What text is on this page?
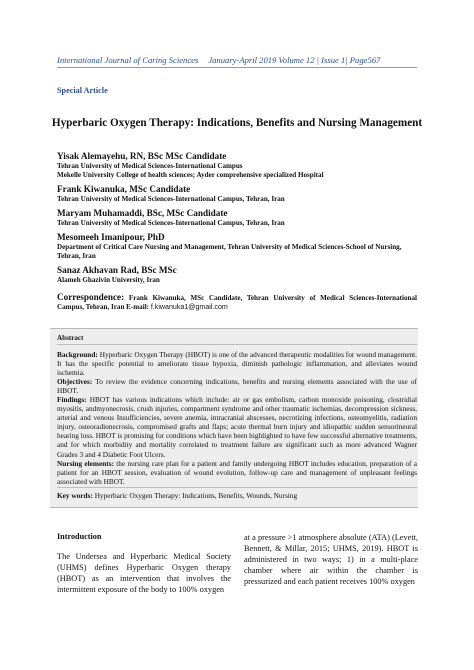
International Journal of Caring Sciences January-April 2019 Volume 12 | Issue 1| Page567
Special Article
Hyperbaric Oxygen Therapy: Indications, Benefits and Nursing Management
Yisak Alemayehu, RN, BSc MSc Candidate
Tehran University of Medical Sciences-International Campus
Mekelle University College of health sciences; Ayder comprehensive specialized Hospital
Frank Kiwanuka, MSc Candidate
Tehran University of Medical Sciences-International Campus, Tehran, Iran
Maryam Muhamaddi, BSc, MSc Candidate
Tehran University of Medical Sciences-International Campus, Tehran, Iran
Mesomeeh Imanipour, PhD
Department of Critical Care Nursing and Management, Tehran University of Medical Sciences-School of Nursing, Tehran, Iran
Sanaz Akhavan Rad, BSc MSc
Alameh Ghazivin University, Iran
Correspondence: Frank Kiwanuka, MSc Candidate, Tehran University of Medical Sciences-International Campus, Tehran, Iran E-mail: f.kiwanuka1@gmail.com
Abstract

Background: Hyperbaric Oxygen Therapy (HBOT) is one of the advanced therapeutic modalities for wound management. It has the specific potential to ameliorate tissue hypoxia, diminish pathologic inflammation, and alleviates wound ischemia.

Objectives: To review the evidence concerning indications, benefits and nursing elements associated with the use of HBOT.

Findings: HBOT has various indications which include: air or gas embolism, carbon monoxide poisoning, clostridial myositis, andmyonecrosis, crush injuries, compartment syndrome and other traumatic ischemias, decompression sickness, arterial and venous Insufficiencies, severe anemia, intracranial abscesses, necrotizing infections, osteomyelitis, radiation injury, osteoradionecrosis, compromised grafts and flaps; acute thermal burn injury and idiopathic sudden sensorineural hearing loss. HBOT is promising for conditions which have been highlighted to have few successful alternative treatments, and for which morbidity and mortality correlated to treatment failure are significant such as more advanced Wagner Grades 3 and 4 Diabetic Foot Ulcers.

Nursing elements: the nursing care plan for a patient and family undergoing HBOT includes education, preparation of a patient for an HBOT session, evaluation of wound evolution, follow-up care and management of unpleasant feelings associated with HBOT.

Key words: Hyperbaric Oxygen Therapy: Indications, Benefits, Wounds, Nursing
Introduction

The Undersea and Hyperbaric Medical Society (UHMS) defines Hyperbaric Oxygen therapy (HBOT) as an intervention that involves the intermittent exposure of the body to 100% oxygen

at a pressure >1 atmosphere absolute (ATA) (Levett, Bennett, & Millar, 2015; UHMS, 2019). HBOT is administered in two ways; 1) in a multi-place chamber where air within the chamber is pressurized and each patient receives 100% oxygen
